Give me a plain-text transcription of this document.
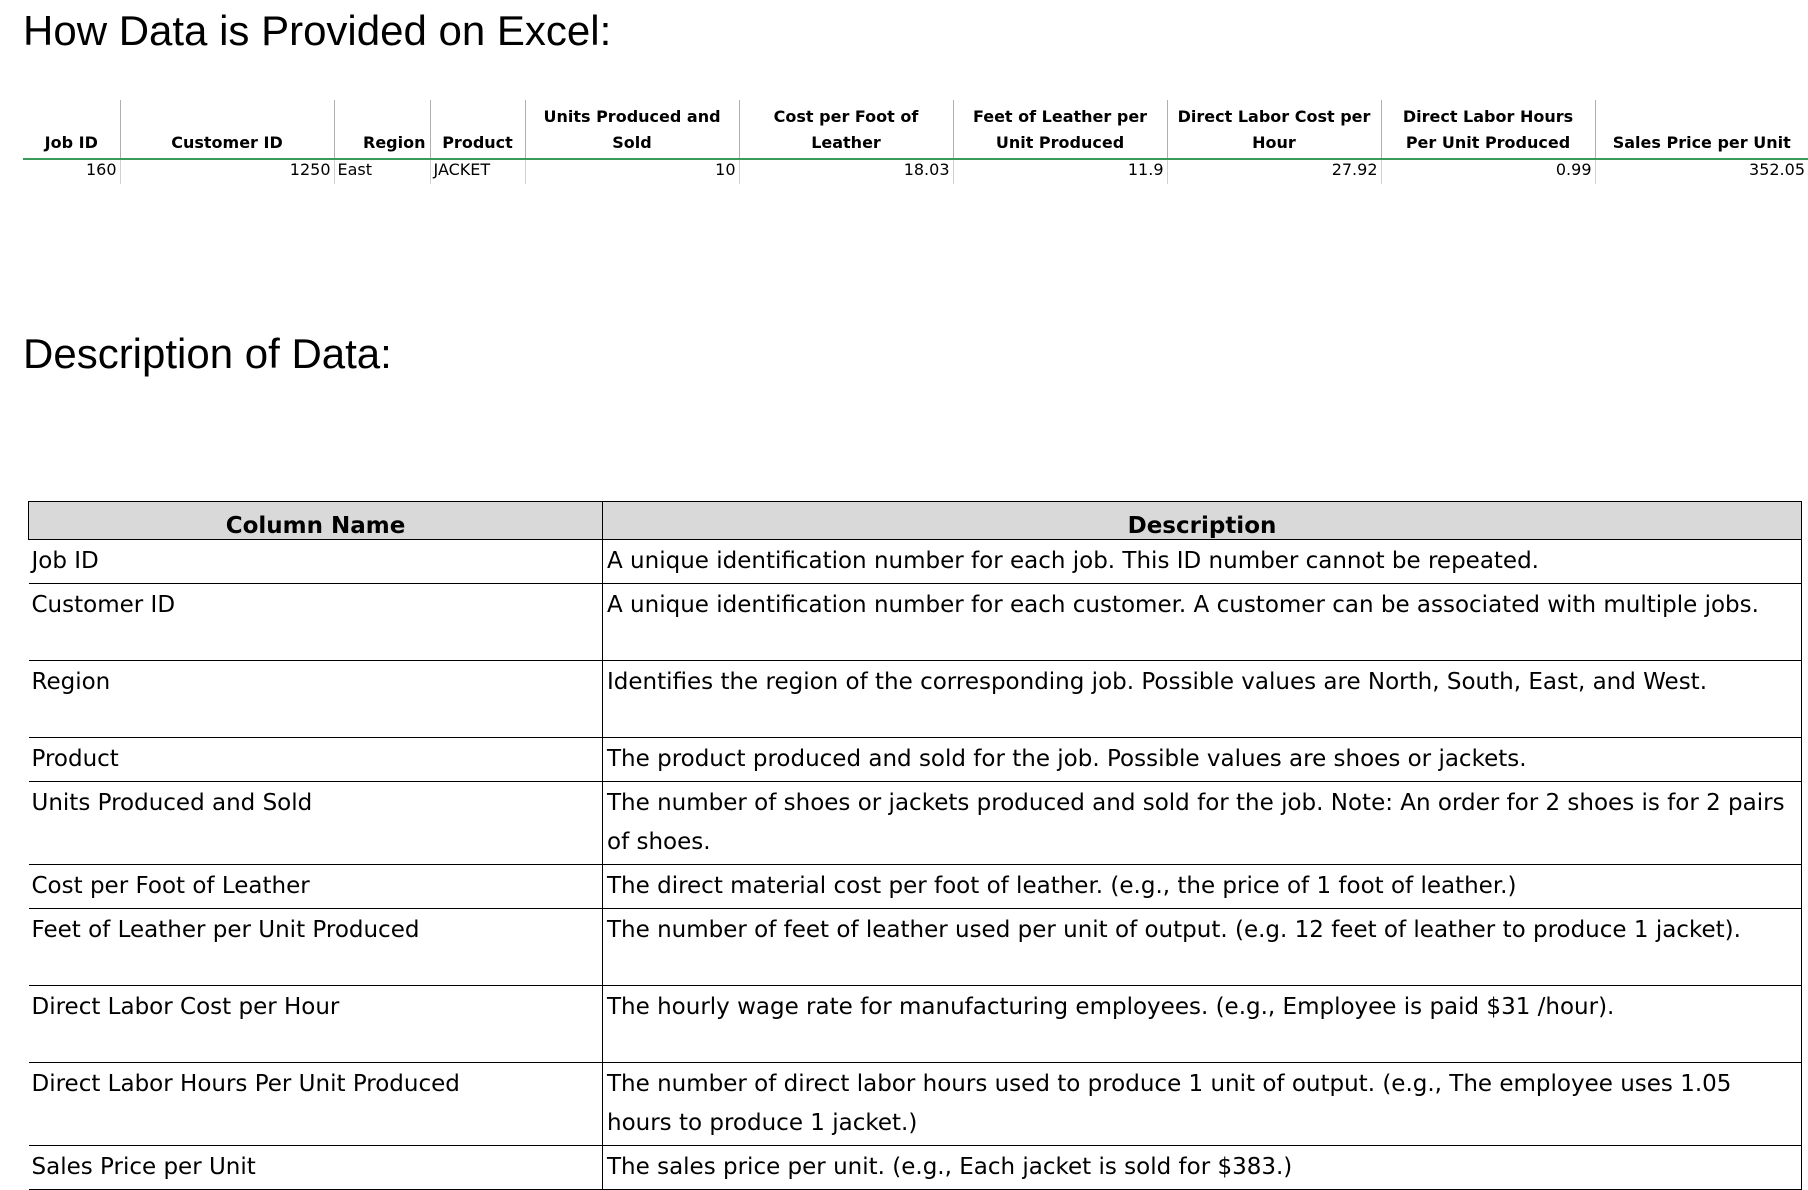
How Data is Provided on Excel:
Job ID	Customer ID	Region	Product	Units Produced and Sold	Cost per Foot of Leather	Feet of Leather per Unit Produced	Direct Labor Cost per Hour	Direct Labor Hours Per Unit Produced	Sales Price per Unit
160	1250	East	JACKET	10	18.03	11.9	27.92	0.99	352.05
Description of Data:
Column Name	Description
Job ID	A unique identification number for each job. This ID number cannot be repeated.
Customer ID	A unique identification number for each customer. A customer can be associated with multiple jobs.
Region	Identifies the region of the corresponding job. Possible values are North, South, East, and West.
Product	The product produced and sold for the job. Possible values are shoes or jackets.
Units Produced and Sold	The number of shoes or jackets produced and sold for the job. Note: An order for 2 shoes is for 2 pairs of shoes.
Cost per Foot of Leather	The direct material cost per foot of leather. (e.g., the price of 1 foot of leather.)
Feet of Leather per Unit Produced	The number of feet of leather used per unit of output. (e.g. 12 feet of leather to produce 1 jacket).
Direct Labor Cost per Hour	The hourly wage rate for manufacturing employees. (e.g., Employee is paid $31 /hour).
Direct Labor Hours Per Unit Produced	The number of direct labor hours used to produce 1 unit of output. (e.g., The employee uses 1.05 hours to produce 1 jacket.)
Sales Price per Unit	The sales price per unit. (e.g., Each jacket is sold for $383.)
